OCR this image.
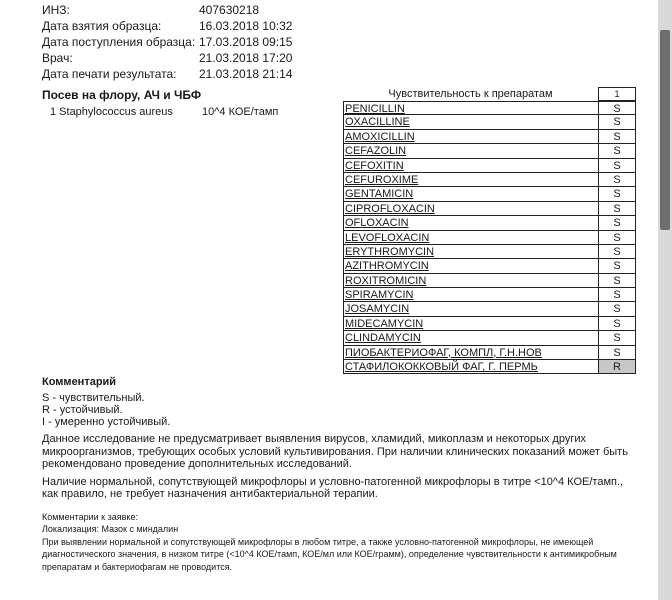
ИНЗ:	407630218
Дата взятия образца:	16.03.2018 10:32
Дата поступления образца: 17.03.2018 09:15
Врач:	21.03.2018 17:20
Дата печати результата:	21.03.2018 21:14
Посев на флору, АЧ и ЧБФ
1 Staphylococcus aureus	10^4 КОЕ/тамп
Чувствительность к препаратам	1
PENICILLIN	S
OXACILLINE	S
AMOXICILLIN	S
CEFAZOLIN	S
CEFOXITIN	S
CEFUROXIME	S
GENTAMICIN	S
CIPROFLOXACIN	S
OFLOXACIN	S
LEVOFLOXACIN	S
ERYTHROMYCIN	S
AZITHROMYCIN	S
ROXITROMICIN	S
SPIRAMYCIN	S
JOSAMYCIN	S
MIDECAMYCIN	S
CLINDAMYCIN	S
ПИОБАКТЕРИОФАГ, КОМПЛ, Г.Н.НОВ	S
СТАФИЛОКОККОВЫЙ ФАГ, Г. ПЕРМЬ	R
Комментарий
S - чувствительный.
R - устойчивый.
I - умеренно устойчивый.
Данное исследование не предусматривает выявления вирусов, хламидий, микоплазм и некоторых других
микроорганизмов, требующих особых условий культивирования. При наличии клинических показаний может быть
рекомендовано проведение дополнительных исследований.
Наличие нормальной, сопутствующей микрофлоры и условно-патогенной микрофлоры в титре <10^4 КОЕ/тамп.,
как правило, не требует назначения антибактериальной терапии.
Комментарии к заявке:
Локализация: Мазок с миндалин
При выявлении нормальной и сопутствующей микрофлоры в любом титре, а также условно-патогенной микрофлоры, не имеющей
диагностического значения, в низком титре (<10^4 КОЕ/тамп, КОЕ/мл или КОЕ/грамм), определение чувствительности к антимикробным
препаратам и бактериофагам не проводится.
